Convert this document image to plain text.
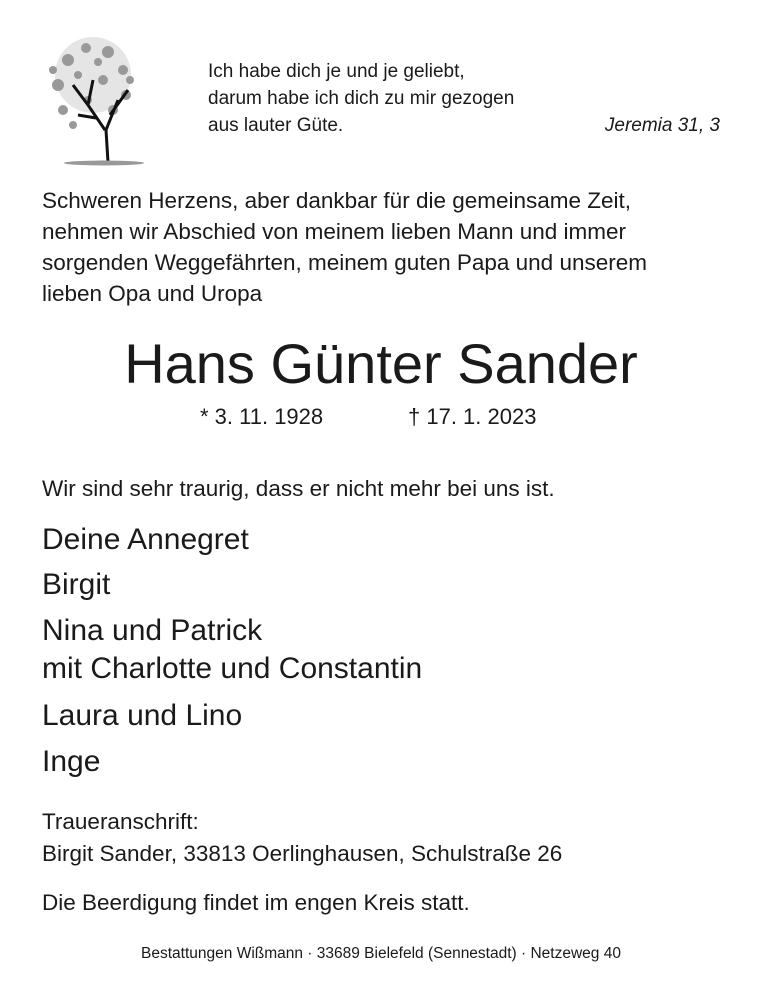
Ich habe dich je und je geliebt,
darum habe ich dich zu mir gezogen
aus lauter Güte.	Jeremia 31, 3
Schweren Herzens, aber dankbar für die gemeinsame Zeit,
nehmen wir Abschied von meinem lieben Mann und immer
sorgenden Weggefährten, meinem guten Papa und unserem
lieben Opa und Uropa
Hans Günter Sander
* 3. 11. 1928	† 17. 1. 2023
Wir sind sehr traurig, dass er nicht mehr bei uns ist.
Deine Annegret
Birgit
Nina und Patrick
mit Charlotte und Constantin
Laura und Lino
Inge
Traueranschrift:
Birgit Sander, 33813 Oerlinghausen, Schulstraße 26
Die Beerdigung findet im engen Kreis statt.
Bestattungen Wißmann · 33689 Bielefeld (Sennestadt) · Netzeweg 40
